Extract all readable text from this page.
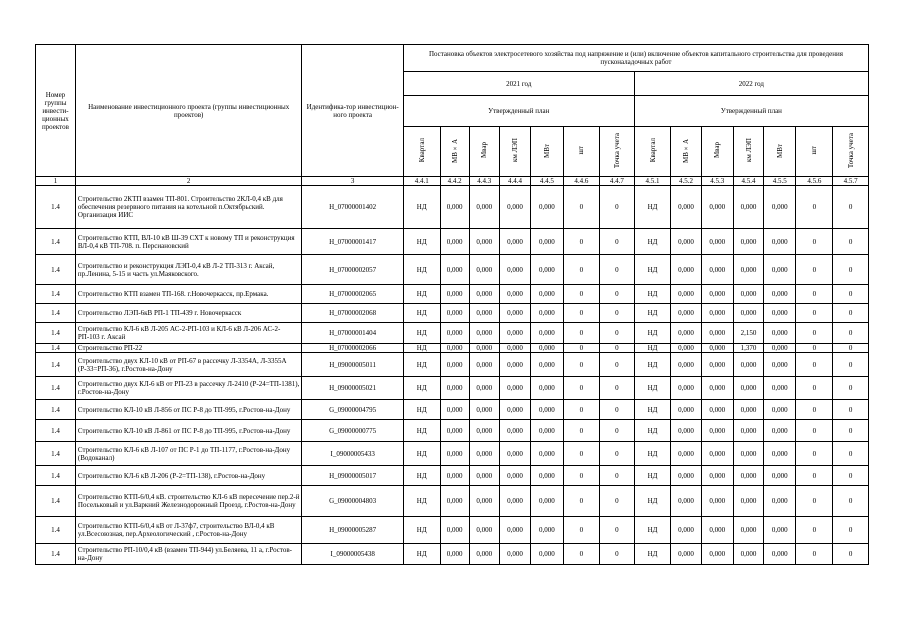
Номер группы инвести-ционных проектов	Наименование инвестиционного проекта (группы инвестиционных проектов)	Идентифика-тор инвестицион-ного проекта	Постановка объектов электросетевого хозяйства под напряжение и (или) включение объектов капитального строительства для проведения пусконаладочных работ													
			2021 год							2022 год						
			Утвержденный план							Утвержденный план						
			Квартал	МВ×А	Мвар	км ЛЭП	МВт	шт	Точка учета	Квартал	МВ×А	Мвар	км ЛЭП	МВт	шт	Точка учета
1	2	3	4.4.1	4.4.2	4.4.3	4.4.4	4.4.5	4.4.6	4.4.7	4.5.1	4.5.2	4.5.3	4.5.4	4.5.5	4.5.6	4.5.7
1.4	Строительство 2КТП взамен ТП-801. Строительство 2КЛ-0,4 кВ для обеспечения резервного питания на котельной п.Октябрьский. Организация ИИС	H_07000001402	НД	0,000	0,000	0,000	0,000	0	0	НД	0,000	0,000	0,000	0,000	0	0
1.4	Строительство КТП, ВЛ-10 кВ Ш-39 СХТ к новому ТП и реконструкция ВЛ-0,4 кВ ТП-708. п. Персиановский	H_07000001417	НД	0,000	0,000	0,000	0,000	0	0	НД	0,000	0,000	0,000	0,000	0	0
1.4	Строительство и реконструкция ЛЭП-0,4 кВ Л-2 ТП-313 г. Аксай, пр.Ленина, 5-15 и часть ул.Маяковского.	H_07000002057	НД	0,000	0,000	0,000	0,000	0	0	НД	0,000	0,000	0,000	0,000	0	0
1.4	Строительство КТП взамен ТП-168. г.Новочеркасск, пр.Ермака.	H_07000002065	НД	0,000	0,000	0,000	0,000	0	0	НД	0,000	0,000	0,000	0,000	0	0
1.4	Строительство ЛЭП-6кВ РП-1 ТП-439 г. Новочеркасск	H_07000002068	НД	0,000	0,000	0,000	0,000	0	0	НД	0,000	0,000	0,000	0,000	0	0
1.4	Строительство КЛ-6 кВ Л-205 АС-2-РП-103 и КЛ-6 кВ Л-206 АС-2-РП-103 г. Аксай	H_07000001404	НД	0,000	0,000	0,000	0,000	0	0	НД	0,000	0,000	2,150	0,000	0	0
1.4	Строительство РП-22	H_07000002066	НД	0,000	0,000	0,000	0,000	0	0	НД	0,000	0,000	1,370	0,000	0	0
1.4	Строительство двух КЛ-10 кВ от РП-67 в рассечку Л-3354А, Л-3355А (Р-33=РП-36), г.Ростов-на-Дону	H_09000005011	НД	0,000	0,000	0,000	0,000	0	0	НД	0,000	0,000	0,000	0,000	0	0
1.4	Строительство двух КЛ-6 кВ от РП-23 в рассечку Л-2410 (Р-24=ТП-1381), г.Ростов-на-Дону	H_09000005021	НД	0,000	0,000	0,000	0,000	0	0	НД	0,000	0,000	0,000	0,000	0	0
1.4	Строительство КЛ-10 кВ Л-856 от ПС Р-8 до ТП-995, г.Ростов-на-Дону	G_09000004795	НД	0,000	0,000	0,000	0,000	0	0	НД	0,000	0,000	0,000	0,000	0	0
1.4	Строительство КЛ-10 кВ Л-861 от ПС Р-8 до ТП-995, г.Ростов-на-Дону	G_09000000775	НД	0,000	0,000	0,000	0,000	0	0	НД	0,000	0,000	0,000	0,000	0	0
1.4	Строительство КЛ-6 кВ Л-107 от ПС Р-1 до ТП-1177, г.Ростов-на-Дону (Водоканал)	I_09000005433	НД	0,000	0,000	0,000	0,000	0	0	НД	0,000	0,000	0,000	0,000	0	0
1.4	Строительство КЛ-6 кВ Л-206 (Р-2=ТП-138), г.Ростов-на-Дону	H_09000005017	НД	0,000	0,000	0,000	0,000	0	0	НД	0,000	0,000	0,000	0,000	0	0
1.4	Строительство КТП-6/0,4 кВ. строительство КЛ-6 кВ пересечение пер.2-й Посельковый и ул.Варкний Железнодорожный Проезд, г.Ростов-на-Дону	G_09000004803	НД	0,000	0,000	0,000	0,000	0	0	НД	0,000	0,000	0,000	0,000	0	0
1.4	Строительство КТП-6/0,4 кВ от Л-37ф7, строительство ВЛ-0,4 кВ ул.Всесоюзная, пер.Археологический , г.Ростов-на-Дону	H_09000005287	НД	0,000	0,000	0,000	0,000	0	0	НД	0,000	0,000	0,000	0,000	0	0
1.4	Строительство РП-10/0,4 кВ (взамен ТП-944) ул.Беляева, 11 а, г.Ростов-на-Дону	I_09000005438	НД	0,000	0,000	0,000	0,000	0	0	НД	0,000	0,000	0,000	0,000	0	0
